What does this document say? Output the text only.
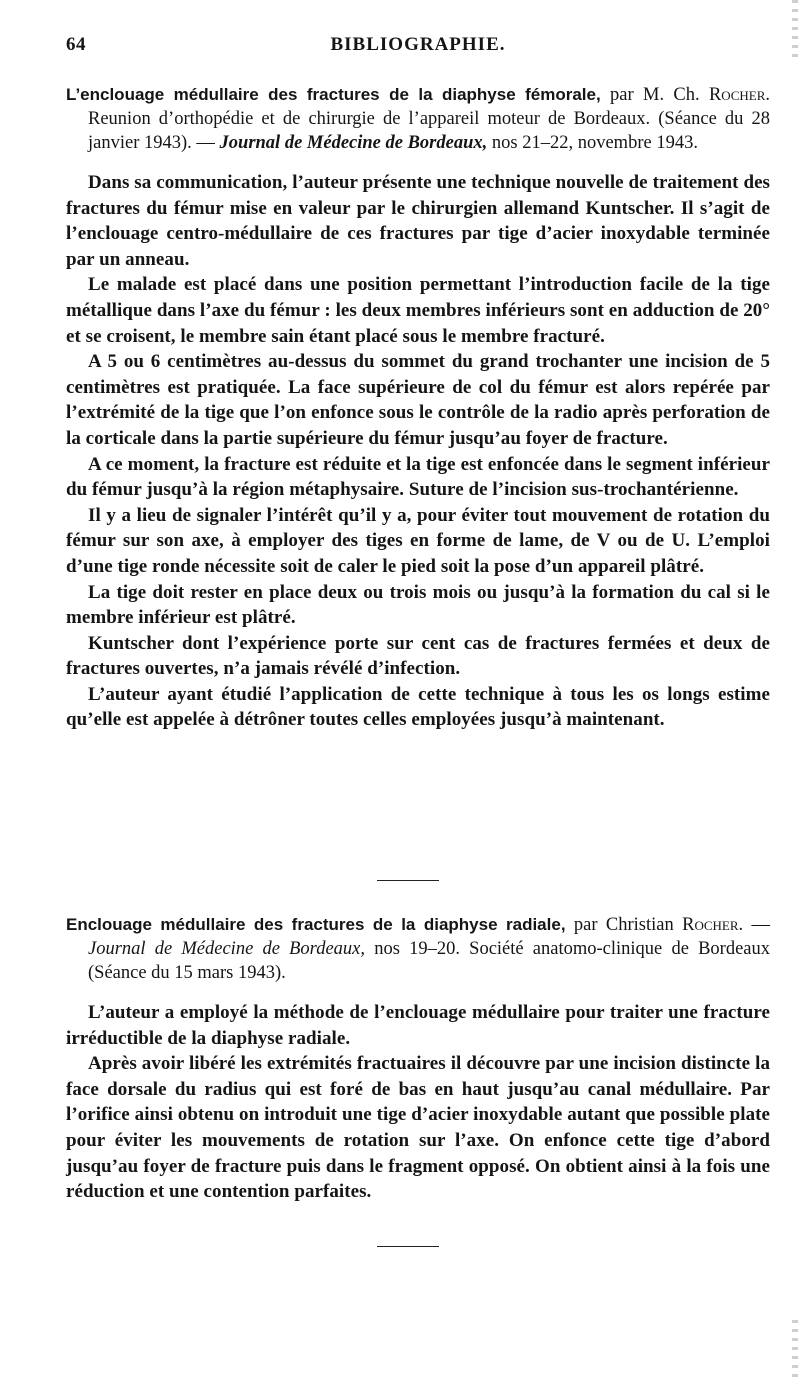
64	BIBLIOGRAPHIE.

L’enclouage médullaire des fractures de la diaphyse fémorale, par M. Ch. Rocher. Reunion d’orthopédie et de chirurgie de l’appareil moteur de Bordeaux. (Séance du 28 janvier 1943). — Journal de Médecine de Bordeaux, nos 21–22, novembre 1943.

Dans sa communication, l’auteur présente une technique nouvelle de traitement des fractures du fémur mise en valeur par le chirurgien allemand Kuntscher. Il s’agit de l’enclouage centro-médullaire de ces fractures par tige d’acier inoxydable terminée par un anneau.

Le malade est placé dans une position permettant l’introduction facile de la tige métallique dans l’axe du fémur : les deux membres inférieurs sont en adduction de 20° et se croisent, le membre sain étant placé sous le membre fracturé.

A 5 ou 6 centimètres au-dessus du sommet du grand trochanter une incision de 5 centimètres est pratiquée. La face supérieure de col du fémur est alors repérée par l’extrémité de la tige que l’on enfonce sous le contrôle de la radio après perforation de la corticale dans la partie supérieure du fémur jusqu’au foyer de fracture.

A ce moment, la fracture est réduite et la tige est enfoncée dans le segment inférieur du fémur jusqu’à la région métaphysaire. Suture de l’incision sus-trochantérienne.

Il y a lieu de signaler l’intérêt qu’il y a, pour éviter tout mouvement de rotation du fémur sur son axe, à employer des tiges en forme de lame, de V ou de U. L’emploi d’une tige ronde nécessite soit de caler le pied soit la pose d’un appareil plâtré.

La tige doit rester en place deux ou trois mois ou jusqu’à la formation du cal si le membre inférieur est plâtré.

Kuntscher dont l’expérience porte sur cent cas de fractures fermées et deux de fractures ouvertes, n’a jamais révélé d’infection.

L’auteur ayant étudié l’application de cette technique à tous les os longs estime qu’elle est appelée à détrôner toutes celles employées jusqu’à maintenant.

Enclouage médullaire des fractures de la diaphyse radiale, par Christian Rocher. — Journal de Médecine de Bordeaux, nos 19–20. Société anatomo-clinique de Bordeaux (Séance du 15 mars 1943).

L’auteur a employé la méthode de l’enclouage médullaire pour traiter une fracture irréductible de la diaphyse radiale.

Après avoir libéré les extrémités fractuaires il découvre par une incision distincte la face dorsale du radius qui est foré de bas en haut jusqu’au canal médullaire. Par l’orifice ainsi obtenu on introduit une tige d’acier inoxydable autant que possible plate pour éviter les mouvements de rotation sur l’axe. On enfonce cette tige d’abord jusqu’au foyer de fracture puis dans le fragment opposé. On obtient ainsi à la fois une réduction et une contention parfaites.
